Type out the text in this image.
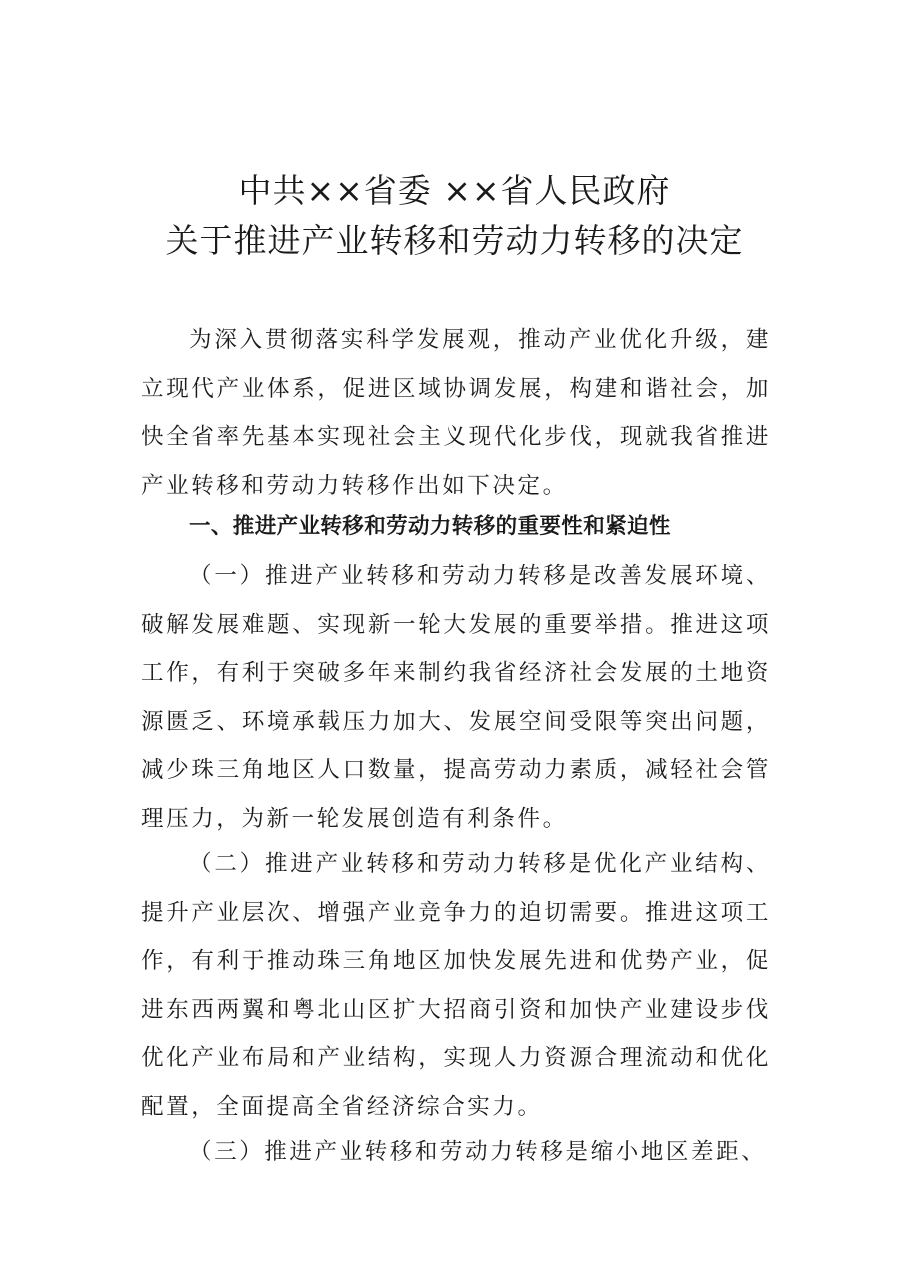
中共××省委 ××省人民政府
关于推进产业转移和劳动力转移的决定

为深入贯彻落实科学发展观，推动产业优化升级，建立现代产业体系，促进区域协调发展，构建和谐社会，加快全省率先基本实现社会主义现代化步伐，现就我省推进产业转移和劳动力转移作出如下决定。

一、推进产业转移和劳动力转移的重要性和紧迫性

（一）推进产业转移和劳动力转移是改善发展环境、破解发展难题、实现新一轮大发展的重要举措。推进这项工作，有利于突破多年来制约我省经济社会发展的土地资源匮乏、环境承载压力加大、发展空间受限等突出问题，减少珠三角地区人口数量，提高劳动力素质，减轻社会管理压力，为新一轮发展创造有利条件。

（二）推进产业转移和劳动力转移是优化产业结构、提升产业层次、增强产业竞争力的迫切需要。推进这项工作，有利于推动珠三角地区加快发展先进和优势产业，促进东西两翼和粤北山区扩大招商引资和加快产业建设步伐优化产业布局和产业结构，实现人力资源合理流动和优化配置，全面提高全省经济综合实力。

（三）推进产业转移和劳动力转移是缩小地区差距、
